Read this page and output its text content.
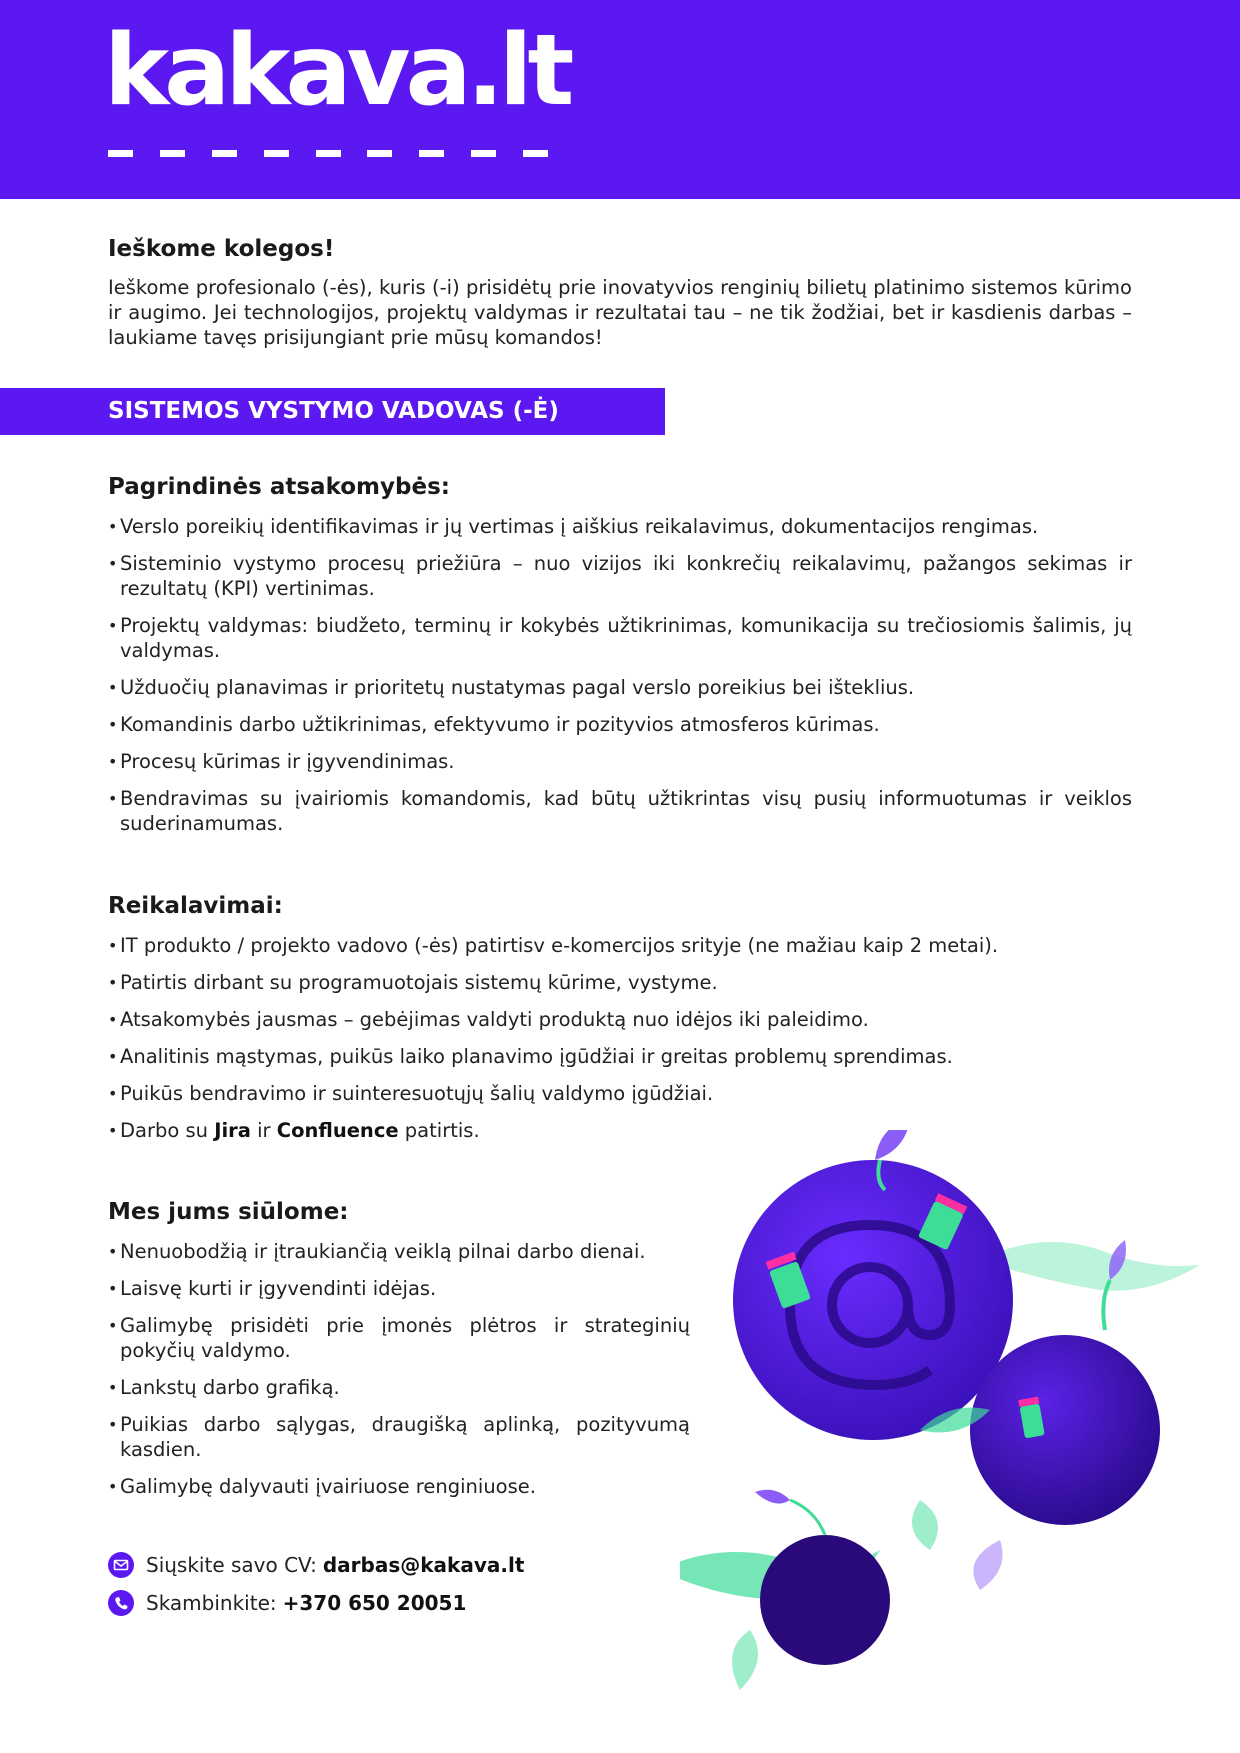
kakava.lt
Ieškome kolegos!
Ieškome profesionalo (-ės), kuris (-i) prisidėtų prie inovatyvios renginių bilietų platinimo sistemos kūrimo ir augimo. Jei technologijos, projektų valdymas ir rezultatai tau – ne tik žodžiai, bet ir kasdienis darbas – laukiame tavęs prisijungiant prie mūsų komandos!
SISTEMOS VYSTYMO VADOVAS (-Ė)
Pagrindinės atsakomybės:
• Verslo poreikių identifikavimas ir jų vertimas į aiškius reikalavimus, dokumentacijos rengimas.
• Sisteminio vystymo procesų priežiūra – nuo vizijos iki konkrečių reikalavimų, pažangos sekimas ir rezultatų (KPI) vertinimas.
• Projektų valdymas: biudžeto, terminų ir kokybės užtikrinimas, komunikacija su trečiosiomis šalimis, jų valdymas.
• Užduočių planavimas ir prioritetų nustatymas pagal verslo poreikius bei išteklius.
• Komandinis darbo užtikrinimas, efektyvumo ir pozityvios atmosferos kūrimas.
• Procesų kūrimas ir įgyvendinimas.
• Bendravimas su įvairiomis komandomis, kad būtų užtikrintas visų pusių informuotumas ir veiklos suderinamumas.
Reikalavimai:
• IT produkto / projekto vadovo (-ės) patirtisv e-komercijos srityje (ne mažiau kaip 2 metai).
• Patirtis dirbant su programuotojais sistemų kūrime, vystyme.
• Atsakomybės jausmas – gebėjimas valdyti produktą nuo idėjos iki paleidimo.
• Analitinis mąstymas, puikūs laiko planavimo įgūdžiai ir greitas problemų sprendimas.
• Puikūs bendravimo ir suinteresuotųjų šalių valdymo įgūdžiai.
• Darbo su Jira ir Confluence patirtis.
Mes jums siūlome:
• Nenuobodžią ir įtraukiančią veiklą pilnai darbo dienai.
• Laisvę kurti ir įgyvendinti idėjas.
• Galimybę prisidėti prie įmonės plėtros ir strateginių pokyčių valdymo.
• Lankstų darbo grafiką.
• Puikias darbo sąlygas, draugišką aplinką, pozityvumą kasdien.
• Galimybę dalyvauti įvairiuose renginiuose.
Siųskite savo CV: darbas@kakava.lt
Skambinkite: +370 650 20051
